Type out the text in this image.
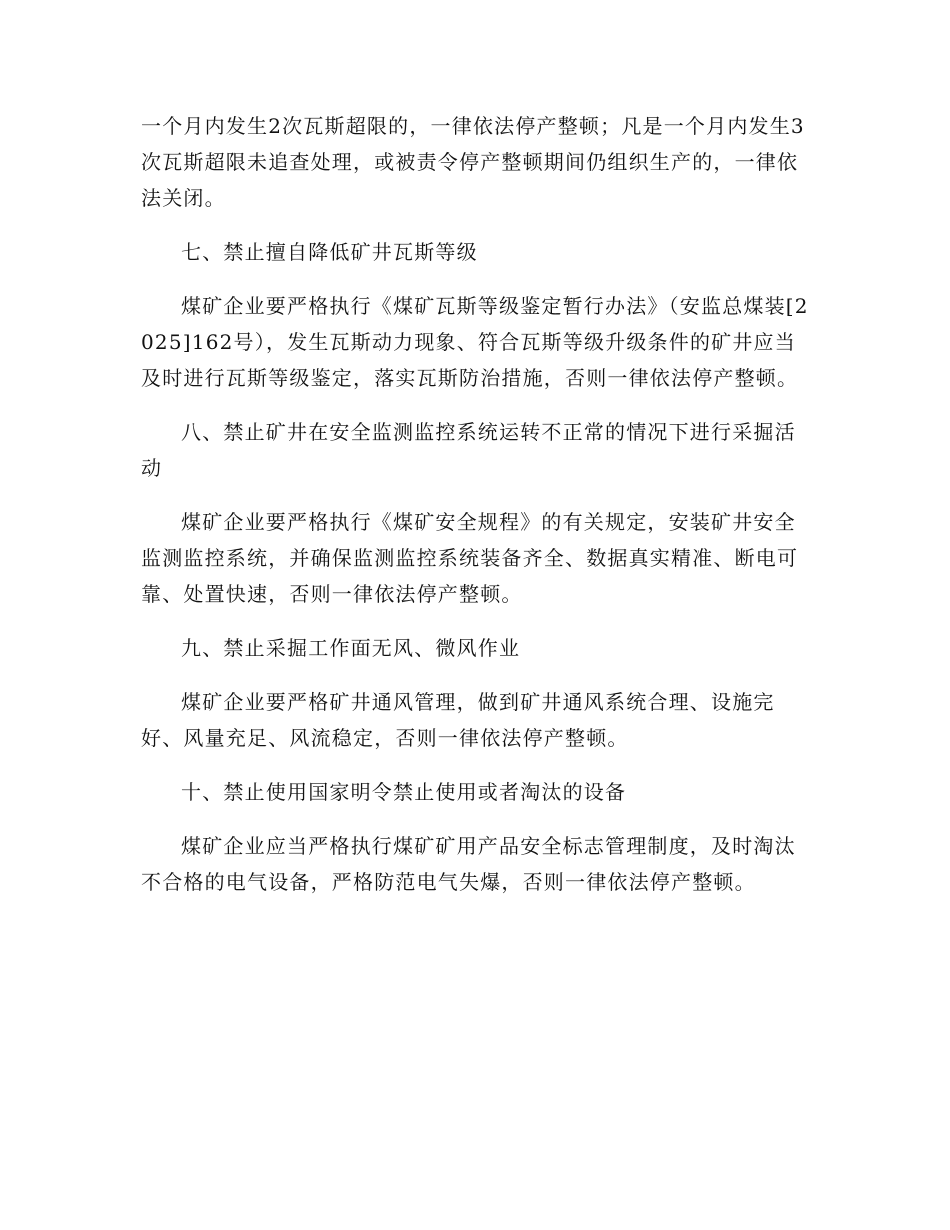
一个月内发生2次瓦斯超限的，一律依法停产整顿；凡是一个月内发生3次瓦斯超限未追查处理，或被责令停产整顿期间仍组织生产的，一律依法关闭。

七、禁止擅自降低矿井瓦斯等级

煤矿企业要严格执行《煤矿瓦斯等级鉴定暂行办法》（安监总煤装[2025]162号），发生瓦斯动力现象、符合瓦斯等级升级条件的矿井应当及时进行瓦斯等级鉴定，落实瓦斯防治措施，否则一律依法停产整顿。

八、禁止矿井在安全监测监控系统运转不正常的情况下进行采掘活动

煤矿企业要严格执行《煤矿安全规程》的有关规定，安装矿井安全监测监控系统，并确保监测监控系统装备齐全、数据真实精准、断电可靠、处置快速，否则一律依法停产整顿。

九、禁止采掘工作面无风、微风作业

煤矿企业要严格矿井通风管理，做到矿井通风系统合理、设施完好、风量充足、风流稳定，否则一律依法停产整顿。

十、禁止使用国家明令禁止使用或者淘汰的设备

煤矿企业应当严格执行煤矿矿用产品安全标志管理制度，及时淘汰不合格的电气设备，严格防范电气失爆，否则一律依法停产整顿。
